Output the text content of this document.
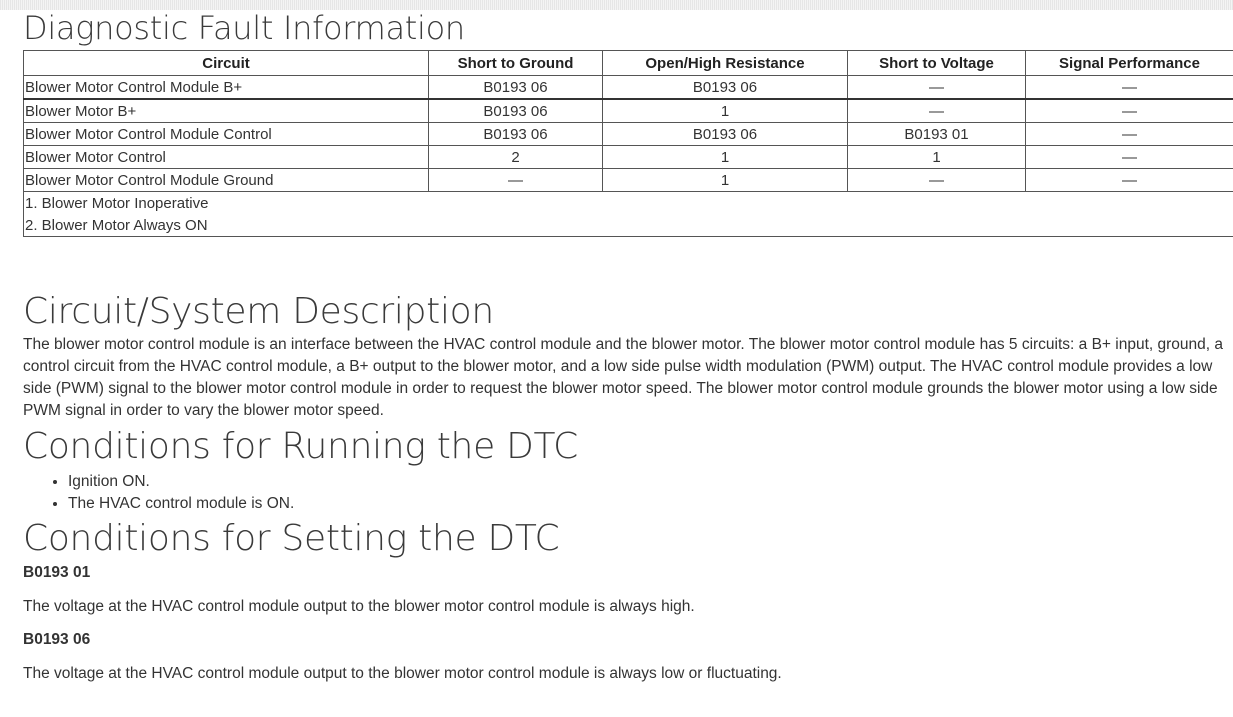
Diagnostic Fault Information
Circuit	Short to Ground	Open/High Resistance	Short to Voltage	Signal Performance
Blower Motor Control Module B+	B0193 06	B0193 06	—	—
Blower Motor B+	B0193 06	1	—	—
Blower Motor Control Module Control	B0193 06	B0193 06	B0193 01	—
Blower Motor Control	2	1	1	—
Blower Motor Control Module Ground	—	1	—	—
1. Blower Motor Inoperative				
2. Blower Motor Always ON				
Circuit/System Description

The blower motor control module is an interface between the HVAC control module and the blower motor. The blower motor control module has 5 circuits: a B+ input, ground, a control circuit from the HVAC control module, a B+ output to the blower motor, and a low side pulse width modulation (PWM) output. The HVAC control module provides a low side (PWM) signal to the blower motor control module in order to request the blower motor speed. The blower motor control module grounds the blower motor using a low side PWM signal in order to vary the blower motor speed.

Conditions for Running the DTC
• Ignition ON.
• The HVAC control module is ON.
Conditions for Setting the DTC
B0193 01
The voltage at the HVAC control module output to the blower motor control module is always high.
B0193 06
The voltage at the HVAC control module output to the blower motor control module is always low or fluctuating.
